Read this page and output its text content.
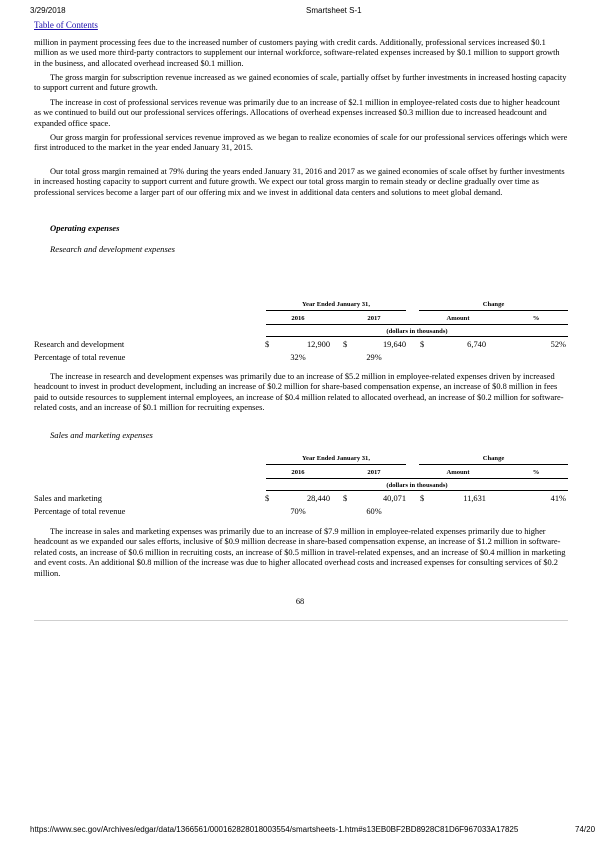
3/29/2018	Smartsheet S-1
Table of Contents

million in payment processing fees due to the increased number of customers paying with credit cards. Additionally, professional services increased $0.1 million as we used more third-party contractors to supplement our internal workforce, software-related expenses increased by $0.1 million to support growth in the business, and allocated overhead increased $0.1 million.

The gross margin for subscription revenue increased as we gained economies of scale, partially offset by further investments in increased hosting capacity to support current and future growth.

The increase in cost of professional services revenue was primarily due to an increase of $2.1 million in employee-related costs due to higher headcount as we continued to build out our professional services offerings. Allocations of overhead expenses increased $0.3 million due to increased headcount and expanded office space.

Our gross margin for professional services revenue improved as we began to realize economies of scale for our professional services offerings which were first introduced to the market in the year ended January 31, 2015.

Our total gross margin remained at 79% during the years ended January 31, 2016 and 2017 as we gained economies of scale offset by further investments in increased hosting capacity to support current and future growth. We expect our total gross margin to remain steady or decline gradually over time as professional services become a larger part of our offering mix and we invest in additional data centers and solutions to meet global demand.

Operating expenses
Research and development expenses
Year Ended January 31,	Change
2016	2017	Amount	%
(dollars in thousands)
Research and development	$	12,900 $	19,640 $	6,740	52%
Percentage of total revenue	32%	29%

The increase in research and development expenses was primarily due to an increase of $5.2 million in employee-related expenses driven by increased headcount to invest in product development, including an increase of $0.2 million for share-based compensation expense, an increase of $0.8 million in fees paid to outside resources to supplement internal employees, an increase of $0.4 million related to allocated overhead, an increase of $0.2 million for software-related costs, and an increase of $0.1 million for recruiting expenses.

Sales and marketing expenses
Year Ended January 31,	Change
2016	2017	Amount	%
(dollars in thousands)
Sales and marketing	$	28,440 $	40,071 $	11,631	41%
Percentage of total revenue	70%	60%

The increase in sales and marketing expenses was primarily due to an increase of $7.9 million in employee-related expenses primarily due to higher headcount as we expanded our sales efforts, inclusive of $0.9 million decrease in share-based compensation expense, an increase of $1.2 million in software-related costs, an increase of $0.6 million in recruiting costs, an increase of $0.5 million in travel-related expenses, and an increase of $0.4 million in marketing and event costs. An additional $0.8 million of the increase was due to higher allocated overhead costs and increased expenses for consulting services of $0.2 million.

68
https://www.sec.gov/Archives/edgar/data/1366561/000162828018003554/smartsheets-1.htm#s13EB0BF2BD8928C81D6F967033A17825	74/20
